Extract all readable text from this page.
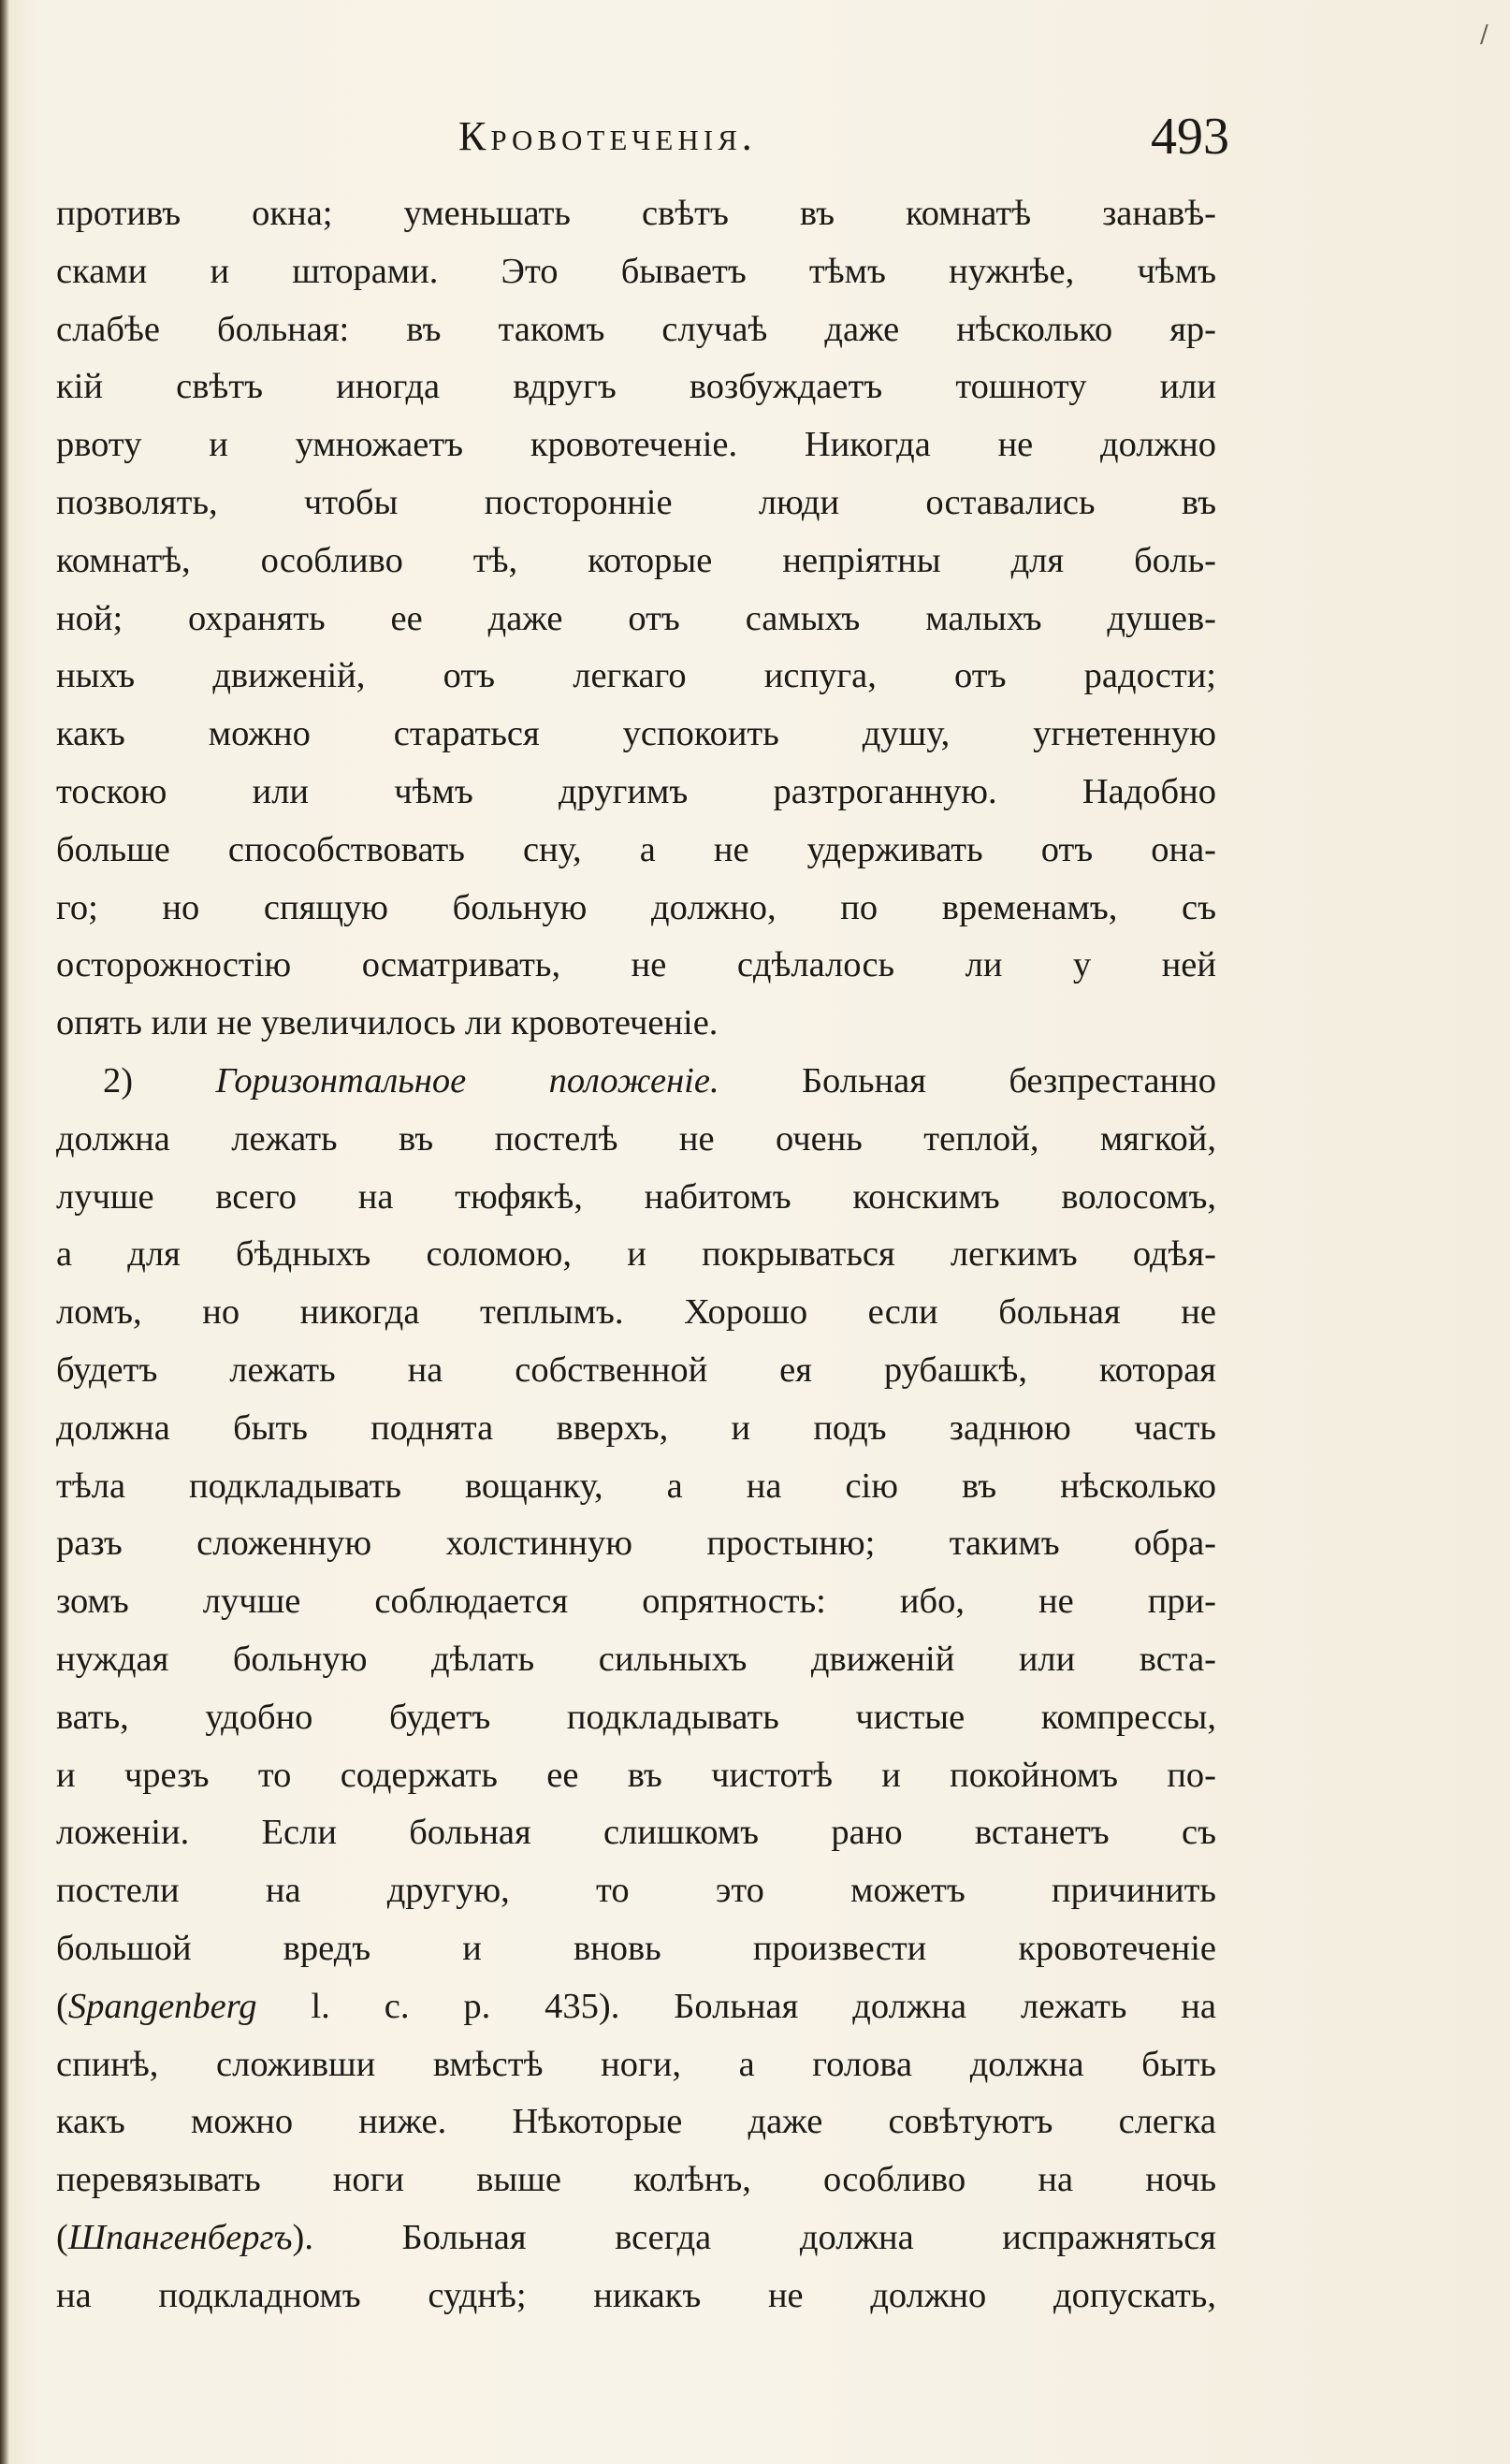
Кровотеченія.	493
/
противъ окна; уменьшать свѣтъ въ комнатѣ занавѣ-
сками и шторами. Это бываетъ тѣмъ нужнѣе, чѣмъ
слабѣе больная: въ такомъ случаѣ даже нѣсколько яр-
кій свѣтъ иногда вдругъ возбуждаетъ тошноту или
рвоту и умножаетъ кровотеченіе. Никогда не должно
позволять, чтобы посторонніе люди оставались въ
комнатѣ, особливо тѣ, которые непріятны для боль-
ной; охранять ее даже отъ самыхъ малыхъ душев-
ныхъ движеній, отъ легкаго испуга, отъ радости;
какъ можно стараться успокоить душу, угнетенную
тоскою или чѣмъ другимъ разтроганную. Надобно
больше способствовать сну, а не удерживать отъ она-
го; но спящую больную должно, по временамъ, съ
осторожностію осматривать, не сдѣлалось ли у ней
опять или не увеличилось ли кровотеченіе.
2) Горизонтальное положеніе. Больная безпрестанно
должна лежать въ постелѣ не очень теплой, мягкой,
лучше всего на тюфякѣ, набитомъ конскимъ волосомъ,
а для бѣдныхъ соломою, и покрываться легкимъ одѣя-
ломъ, но никогда теплымъ. Хорошо если больная не
будетъ лежать на собственной ея рубашкѣ, которая
должна быть поднята вверхъ, и подъ заднюю часть
тѣла подкладывать вощанку, а на сію въ нѣсколько
разъ сложенную холстинную простыню; такимъ обра-
зомъ лучше соблюдается опрятность: ибо, не при-
нуждая больную дѣлать сильныхъ движеній или вста-
вать, удобно будетъ подкладывать чистые компрессы,
и чрезъ то содержать ее въ чистотѣ и покойномъ по-
ложеніи. Если больная слишкомъ рано встанетъ съ
постели на другую, то это можетъ причинить
большой вредъ и вновь произвести кровотеченіе
(Spangenberg l. c. p. 435). Больная должна лежать на
спинѣ, сложивши вмѣстѣ ноги, а голова должна быть
какъ можно ниже. Нѣкоторые даже совѣтуютъ слегка
перевязывать ноги выше колѣнъ, особливо на ночь
(Шпангенбергъ). Больная всегда должна испражняться
на подкладномъ суднѣ; никакъ не должно допускать,
